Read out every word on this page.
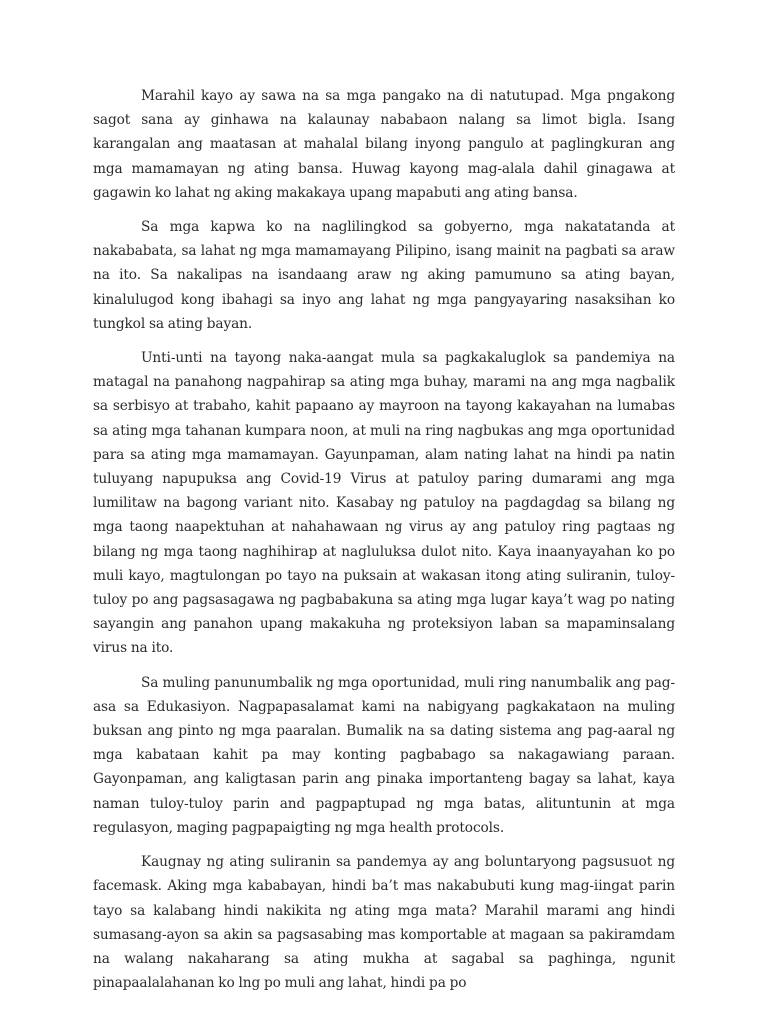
Marahil kayo ay sawa na sa mga pangako na di natutupad. Mga pngakong sagot sana ay ginhawa na kalaunay nababaon nalang sa limot bigla. Isang karangalan ang maatasan at mahalal bilang inyong pangulo at paglingkuran ang mga mamamayan ng ating bansa. Huwag kayong mag-alala dahil ginagawa at gagawin ko lahat ng aking makakaya upang mapabuti ang ating bansa.

Sa mga kapwa ko na naglilingkod sa gobyerno, mga nakatatanda at nakababata, sa lahat ng mga mamamayang Pilipino, isang mainit na pagbati sa araw na ito. Sa nakalipas na isandaang araw ng aking pamumuno sa ating bayan, kinalulugod kong ibahagi sa inyo ang lahat ng mga pangyayaring nasaksihan ko tungkol sa ating bayan.

Unti-unti na tayong naka-aangat mula sa pagkakaluglok sa pandemiya na matagal na panahong nagpahirap sa ating mga buhay, marami na ang mga nagbalik sa serbisyo at trabaho, kahit papaano ay mayroon na tayong kakayahan na lumabas sa ating mga tahanan kumpara noon, at muli na ring nagbukas ang mga oportunidad para sa ating mga mamamayan. Gayunpaman, alam nating lahat na hindi pa natin tuluyang napupuksa ang Covid-19 Virus at patuloy paring dumarami ang mga lumilitaw na bagong variant nito. Kasabay ng patuloy na pagdagdag sa bilang ng mga taong naapektuhan at nahahawaan ng virus ay ang patuloy ring pagtaas ng bilang ng mga taong naghihirap at nagluluksa dulot nito. Kaya inaanyayahan ko po muli kayo, magtulongan po tayo na puksain at wakasan itong ating suliranin, tuloy-tuloy po ang pagsasagawa ng pagbabakuna sa ating mga lugar kaya’t wag po nating sayangin ang panahon upang makakuha ng proteksiyon laban sa mapaminsalang virus na ito.

Sa muling panunumbalik ng mga oportunidad, muli ring nanumbalik ang pag-asa sa Edukasiyon. Nagpapasalamat kami na nabigyang pagkakataon na muling buksan ang pinto ng mga paaralan. Bumalik na sa dating sistema ang pag-aaral ng mga kabataan kahit pa may konting pagbabago sa nakagawiang paraan. Gayonpaman, ang kaligtasan parin ang pinaka importanteng bagay sa lahat, kaya naman tuloy-tuloy parin and pagpaptupad ng mga batas, alituntunin at mga regulasyon, maging pagpapaigting ng mga health protocols.

Kaugnay ng ating suliranin sa pandemya ay ang boluntaryong pagsusuot ng facemask. Aking mga kababayan, hindi ba’t mas nakabubuti kung mag-iingat parin tayo sa kalabang hindi nakikita ng ating mga mata? Marahil marami ang hindi sumasang-ayon sa akin sa pagsasabing mas komportable at magaan sa pakiramdam na walang nakaharang sa ating mukha at sagabal sa paghinga, ngunit pinapaalalahanan ko lng po muli ang lahat, hindi pa po
